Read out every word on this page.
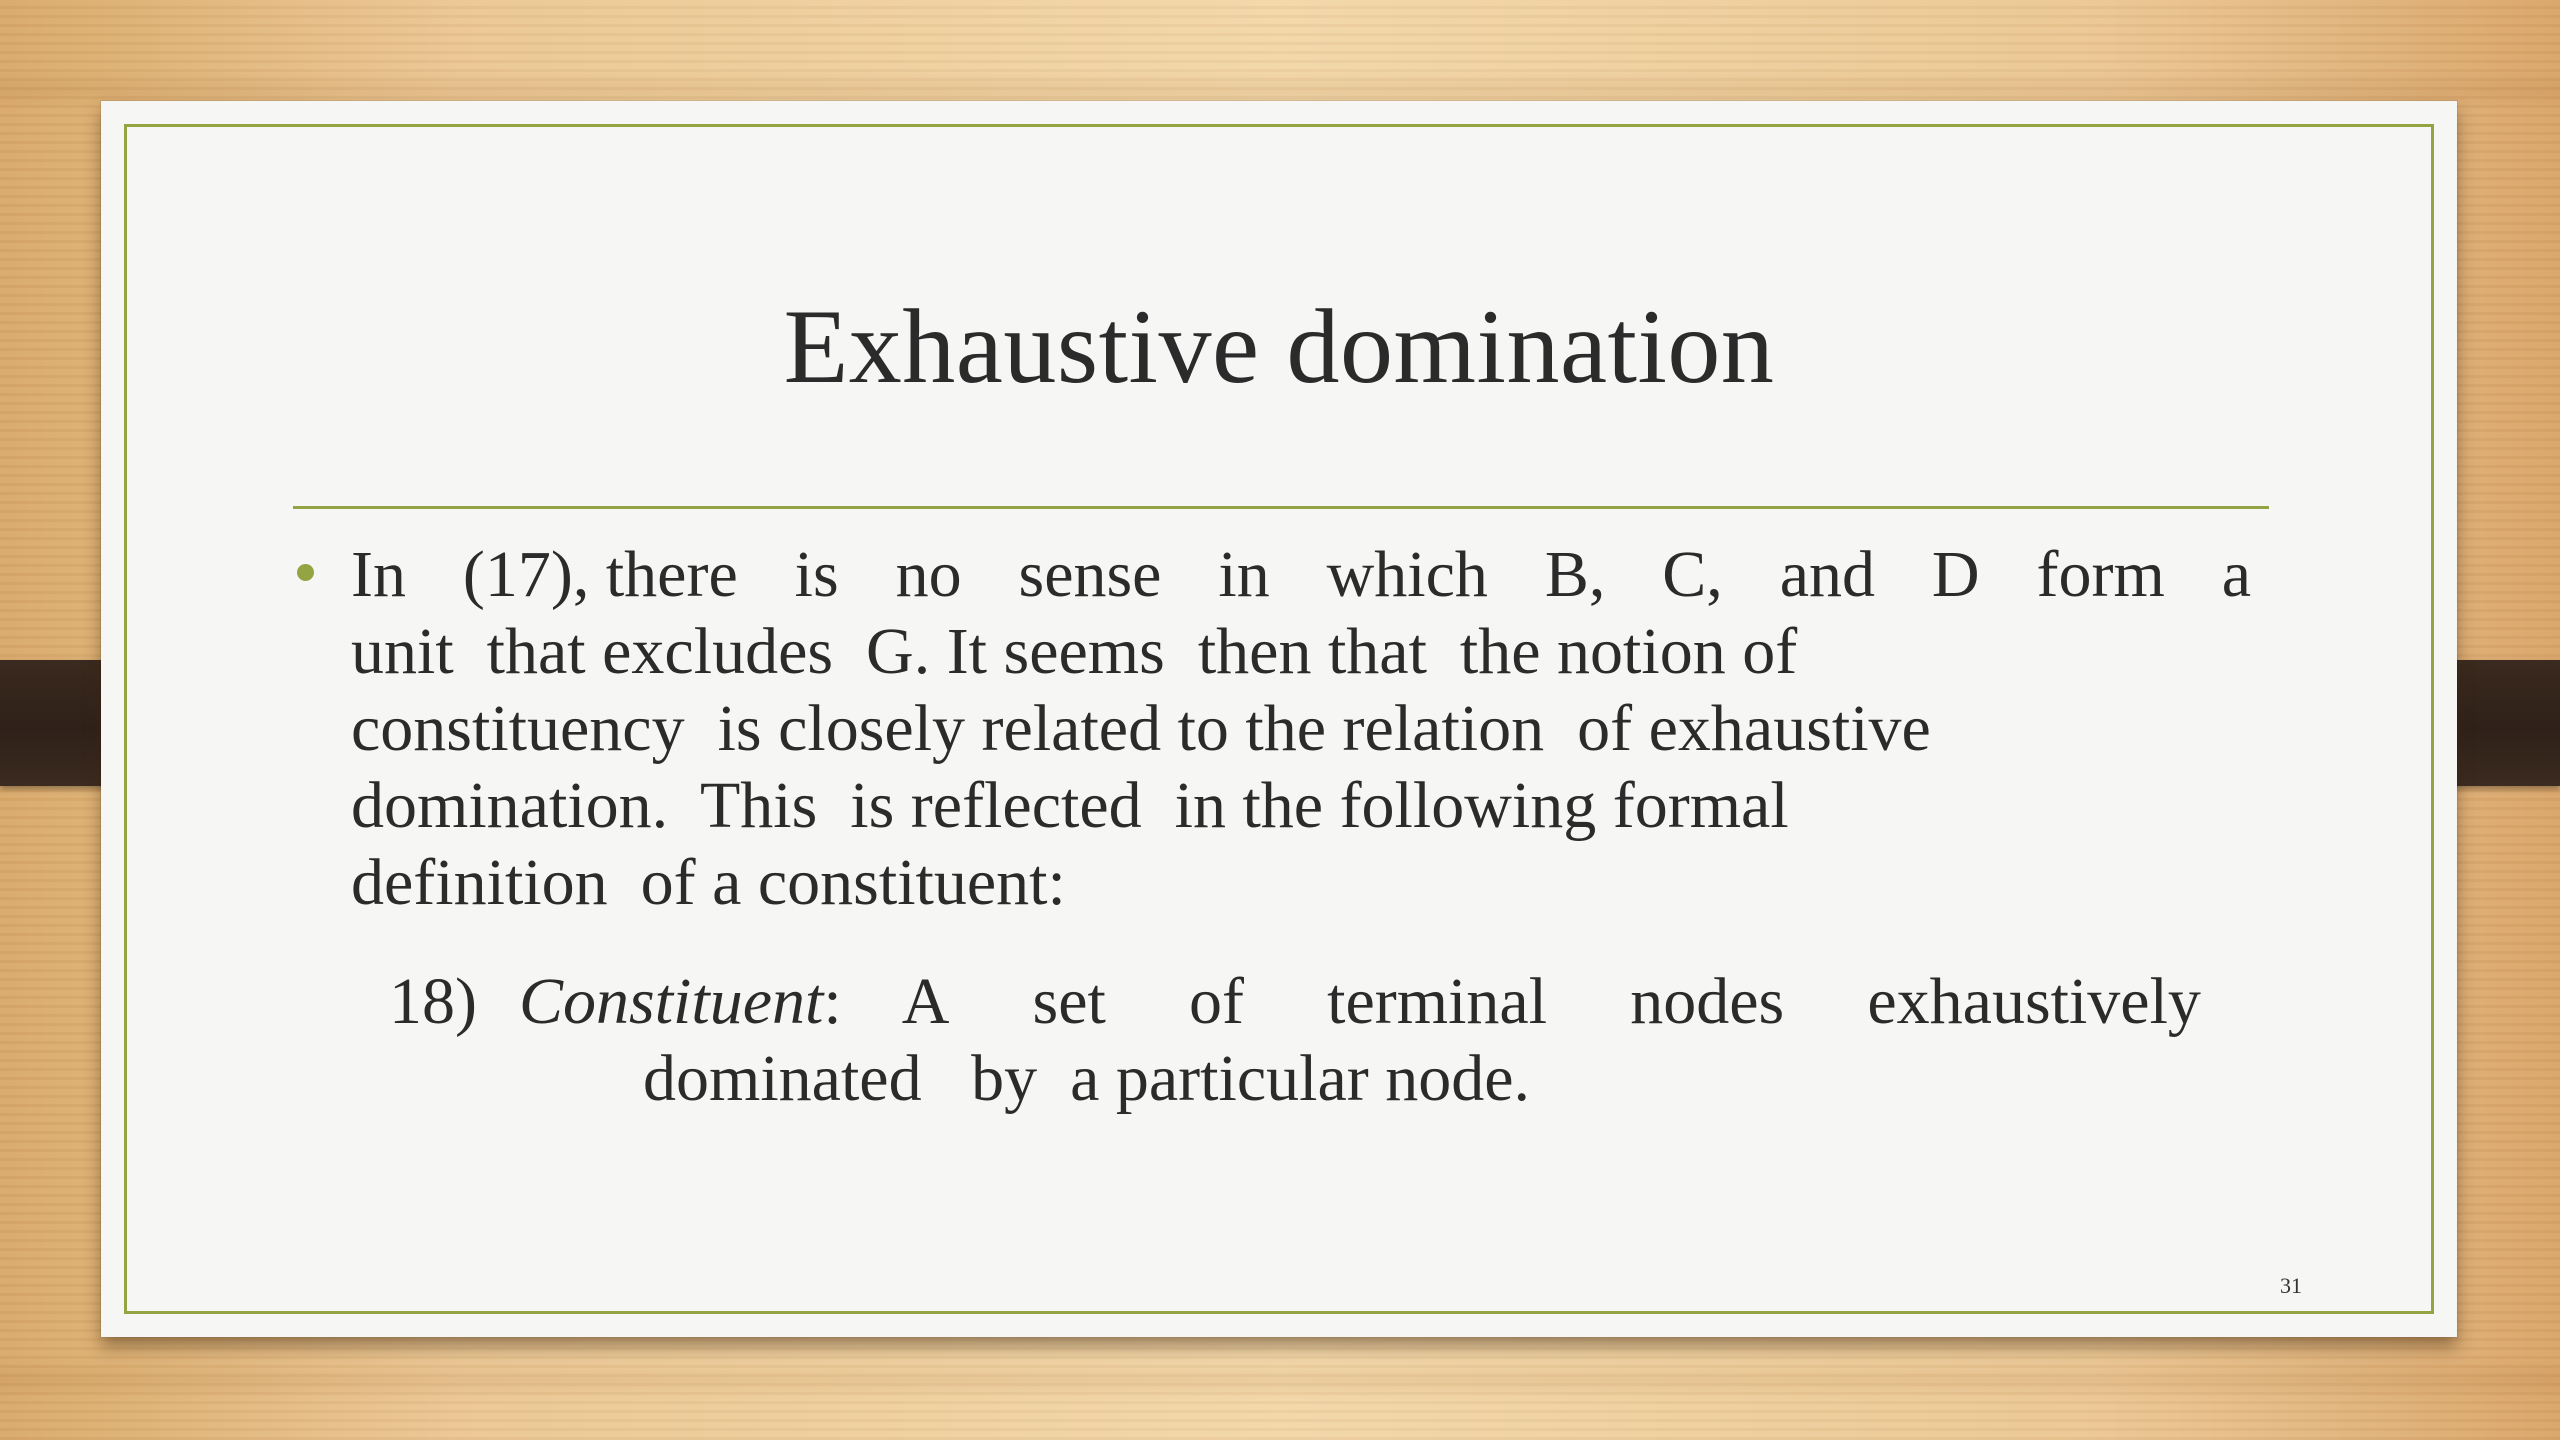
Exhaustive domination
In (17), there is no sense in which B, C, and D form a
unit  that excludes  G. It seems  then that  the notion of
constituency  is closely related to the relation  of exhaustive
domination.  This  is reflected  in the following formal
definition  of a constituent:
18) Constituent: A set of terminal nodes exhaustively
dominated   by  a particular node.
31
